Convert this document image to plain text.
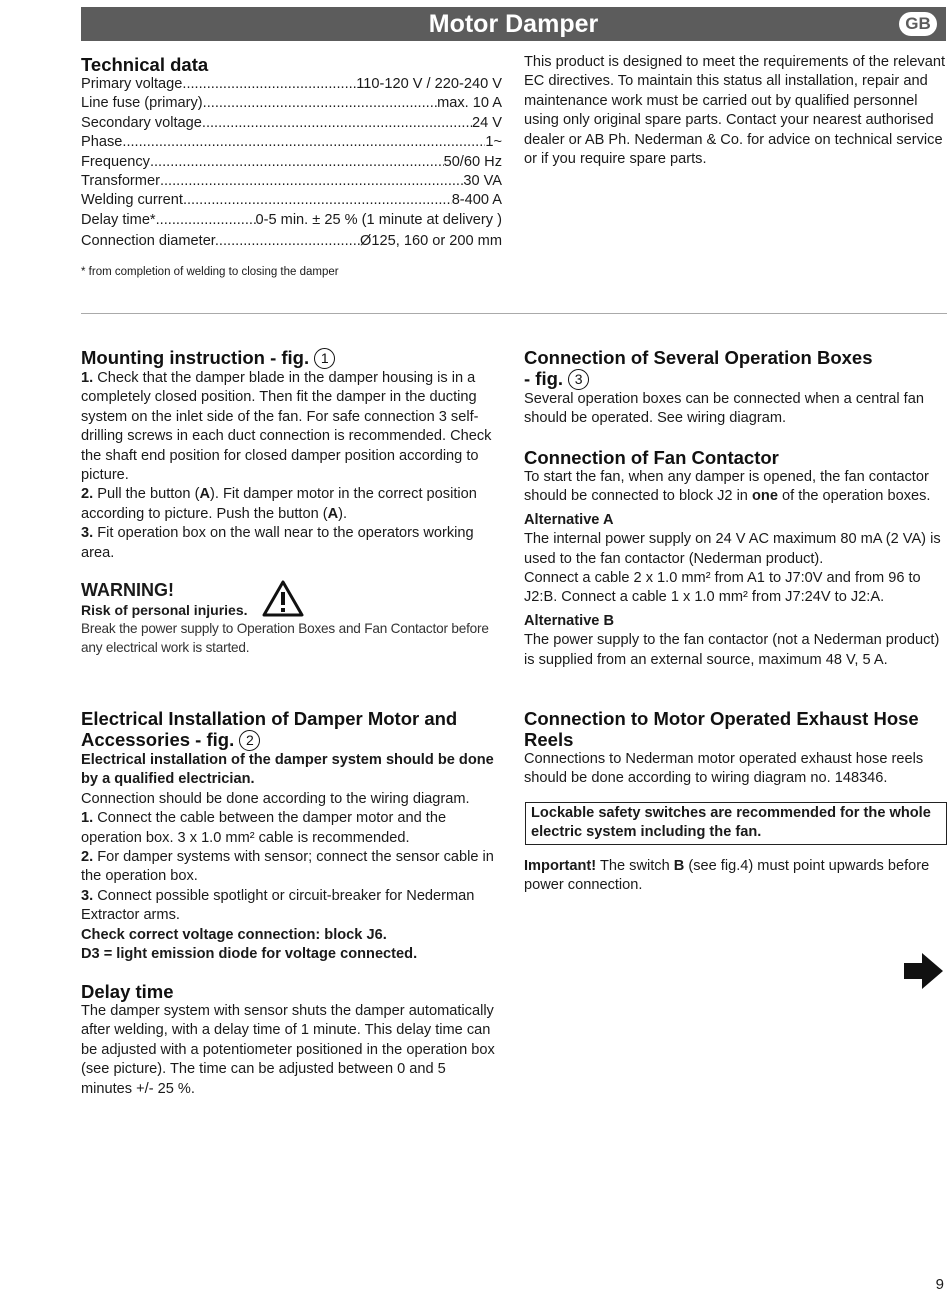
Motor Damper	GB
Technical data
Primary voltage .....	110-120 V / 220-240 V
Line fuse (primary) .....	max. 10 A
Secondary voltage .....	24 V
Phase .....	1~
Frequency .....	50/60 Hz
Transformer .....	30 VA
Welding current .....	8-400 A
Delay time* .....	0-5 min. ± 25 % (1 minute at delivery )
Connection diameter... .....	Ø125, 160 or 200 mm
* from completion of welding to closing the damper
This product is designed to meet the requirements of the relevant EC directives. To maintain this status all installation, repair and maintenance work must be carried out by qualified personnel using only original spare parts. Contact your nearest authorised dealer or AB Ph. Nederman & Co. for advice on technical service or if you require spare parts.
Mounting instruction - fig. 1

1. Check that the damper blade in the damper housing is in a completely closed position. Then fit the damper in the ducting system on the inlet side of the fan. For safe connection 3 self-drilling screws in each duct connection is recommended. Check the shaft end position for closed damper position according to picture.

2. Pull the button (A). Fit damper motor in the correct position according to picture. Push the button (A).

3. Fit operation box on the wall near to the operators working area.

WARNING!
Risk of personal injuries.
Break the power supply to Operation Boxes and Fan Contactor before any electrical work is started.
Electrical Installation of Damper Motor and
Accessories - fig. 2

Electrical installation of the damper system should be done by a qualified electrician.

Connection should be done according to the wiring diagram.

1. Connect the cable between the damper motor and the operation box. 3 x 1.0 mm² cable is recommended.

2. For damper systems with sensor; connect the sensor cable in the operation box.

3. Connect possible spotlight or circuit-breaker for Nederman Extractor arms.

Check correct voltage connection: block J6.

D3 = light emission diode for voltage connected.

Delay time

The damper system with sensor shuts the damper automatically after welding, with a delay time of 1 minute. This delay time can be adjusted with a potentiometer positioned in the operation box (see picture). The time can be adjusted between 0 and 5 minutes +/- 25 %.

Connection of Several Operation Boxes
- fig. 3

Several operation boxes can be connected when a central fan should be operated. See wiring diagram.

Connection of Fan Contactor

To start the fan, when any damper is opened, the fan contactor should be connected to block J2 in one of the operation boxes.

Alternative A

The internal power supply on 24 V AC maximum 80 mA (2 VA) is used to the fan contactor (Nederman product).

Connect a cable 2 x 1.0 mm² from A1 to J7:0V and from 96 to J2:B. Connect a cable 1 x 1.0 mm² from J7:24V to J2:A.

Alternative B

The power supply to the fan contactor (not a Nederman product) is supplied from an external source, maximum 48 V, 5 A.

Connection to Motor Operated Exhaust Hose
Reels

Connections to Nederman motor operated exhaust hose reels should be done according to wiring diagram no. 148346.

Lockable safety switches are recommended for the whole electric system including the fan.
Important! The switch B (see fig.4) must point upwards before power connection.
9
